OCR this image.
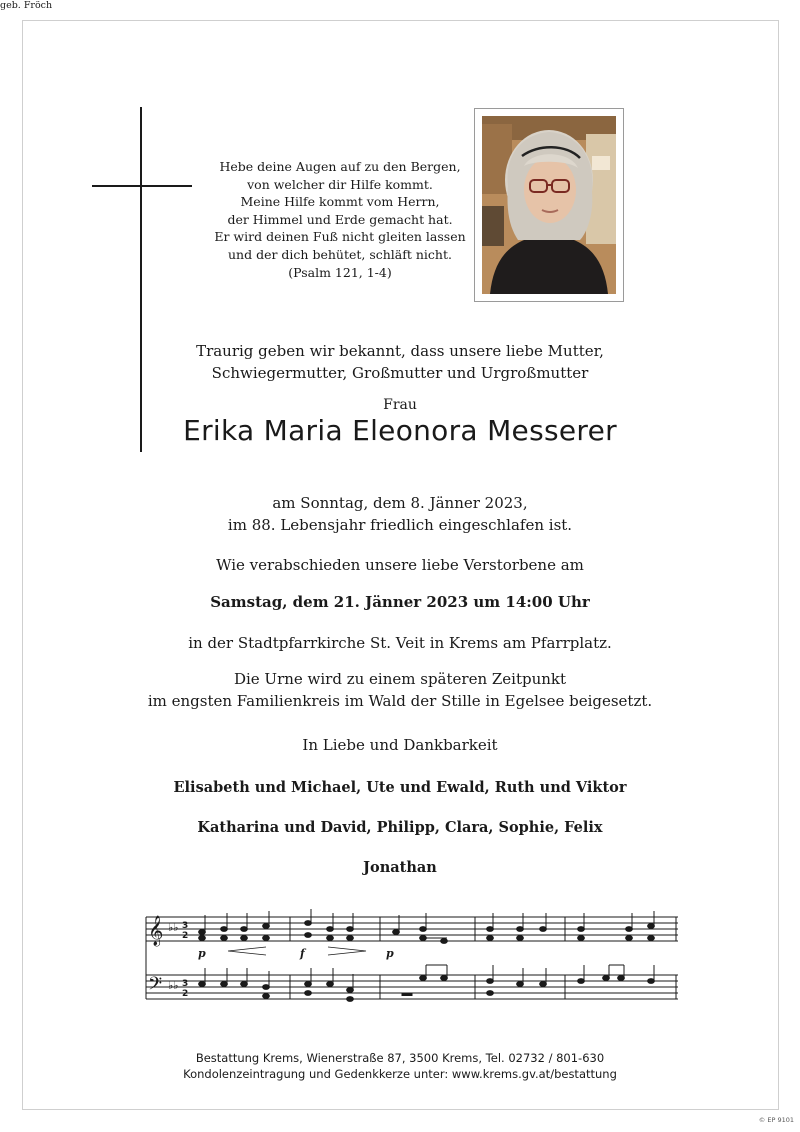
Hebe deine Augen auf zu den Bergen,
von welcher dir Hilfe kommt.
Meine Hilfe kommt vom Herrn,
der Himmel und Erde gemacht hat.
Er wird deinen Fuß nicht gleiten lassen
und der dich behütet, schläft nicht.
(Psalm 121, 1-4)
Traurig geben wir bekannt, dass unsere liebe Mutter,
Schwiegermutter, Großmutter und Urgroßmutter
Frau
Erika Maria Eleonora Messerer
geb. Fröch
am Sonntag, dem 8. Jänner 2023,
im 88. Lebensjahr friedlich eingeschlafen ist.
Wie verabschieden unsere liebe Verstorbene am
Samstag, dem 21. Jänner 2023 um 14:00 Uhr
in der Stadtpfarrkirche St. Veit in Krems am Pfarrplatz.
Die Urne wird zu einem späteren Zeitpunkt
im engsten Familienkreis im Wald der Stille in Egelsee beigesetzt.
In Liebe und Dankbarkeit
Elisabeth und Michael, Ute und Ewald, Ruth und Viktor
Katharina und David, Philipp, Clara, Sophie, Felix
Jonathan
𝄞
𝄢
♭♭
♭♭
3
2
3
2
p	f	p
Bestattung Krems, Wienerstraße 87, 3500 Krems, Tel. 02732 / 801-630
Kondolenzeintragung und Gedenkkerze unter: www.krems.gv.at/bestattung
© EP 9101
